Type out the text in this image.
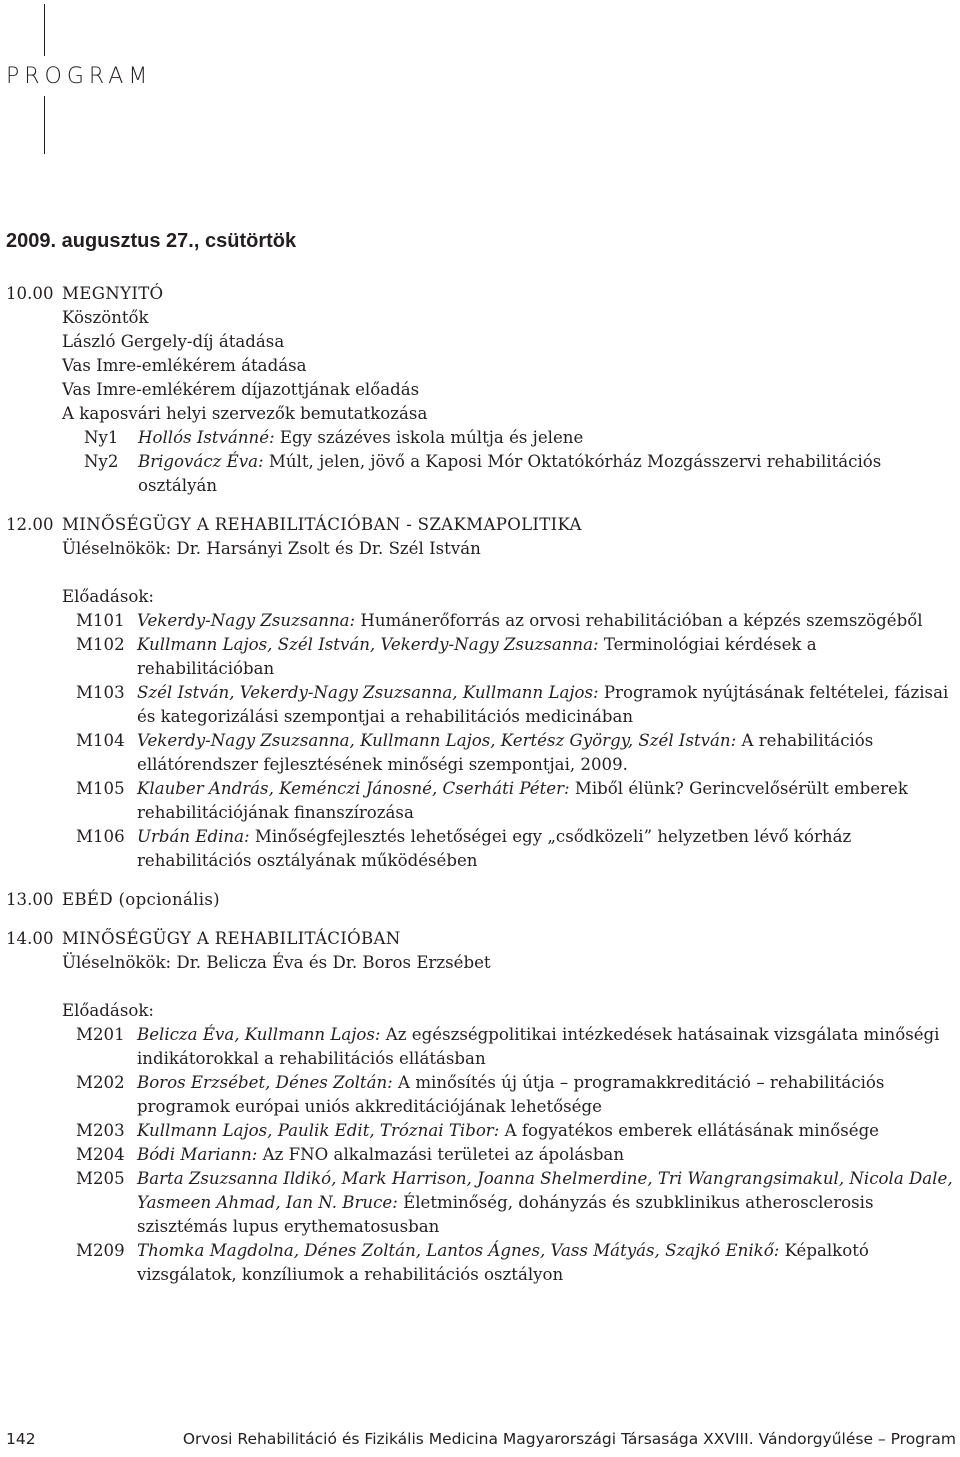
PROGRAM
2009. augusztus 27., csütörtök
10.00 MEGNYITÓ
Köszöntők
László Gergely-díj átadása
Vas Imre-emlékérem átadása
Vas Imre-emlékérem díjazottjának előadás
A kaposvári helyi szervezők bemutatkozása
Ny1	Hollós Istvánné: Egy százéves iskola múltja és jelene
Ny2	Brigovácz Éva: Múlt, jelen, jövő a Kaposi Mór Oktatókórház Mozgásszervi rehabilitációs osztályán
12.00 MINŐSÉGÜGY A REHABILITÁCIÓBAN - SZAKMAPOLITIKA
Üléselnökök: Dr. Harsányi Zsolt és Dr. Szél István
Előadások:
M101 Vekerdy-Nagy Zsuzsanna: Humánerőforrás az orvosi rehabilitációban a képzés szemszögéből
M102 Kullmann Lajos, Szél István, Vekerdy-Nagy Zsuzsanna: Terminológiai kérdések a rehabilitációban
M103 Szél István, Vekerdy-Nagy Zsuzsanna, Kullmann Lajos: Programok nyújtásának feltételei, fázisai és kategorizálási szempontjai a rehabilitációs medicinában
M104 Vekerdy-Nagy Zsuzsanna, Kullmann Lajos, Kertész György, Szél István: A rehabilitációs ellátórendszer fejlesztésének minőségi szempontjai, 2009.
M105 Klauber András, Keménczi Jánosné, Cserháti Péter: Miből élünk? Gerincvelősérült emberek rehabilitációjának finanszírozása
M106 Urbán Edina: Minőségfejlesztés lehetőségei egy „csődközeli” helyzetben lévő kórház rehabilitációs osztályának működésében
13.00 EBÉD (opcionális)
14.00 MINŐSÉGÜGY A REHABILITÁCIÓBAN
Üléselnökök: Dr. Belicza Éva és Dr. Boros Erzsébet
Előadások:
M201 Belicza Éva, Kullmann Lajos: Az egészségpolitikai intézkedések hatásainak vizsgálata minőségi indikátorokkal a rehabilitációs ellátásban
M202 Boros Erzsébet, Dénes Zoltán: A minősítés új útja – programakkreditáció – rehabilitációs programok európai uniós akkreditációjának lehetősége
M203 Kullmann Lajos, Paulik Edit, Tróznai Tibor: A fogyatékos emberek ellátásának minősége
M204 Bódi Mariann: Az FNO alkalmazási területei az ápolásban
M205 Barta Zsuzsanna Ildikó, Mark Harrison, Joanna Shelmerdine, Tri Wangrangsimakul, Nicola Dale, Yasmeen Ahmad, Ian N. Bruce: Életminőség, dohányzás és szubklinikus atherosclerosis szisztémás lupus erythematosusban
M209 Thomka Magdolna, Dénes Zoltán, Lantos Ágnes, Vass Mátyás, Szajkó Enikő: Képalkotó vizsgálatok, konzíliumok a rehabilitációs osztályon
142	Orvosi Rehabilitáció és Fizikális Medicina Magyarországi Társasága XXVIII. Vándorgyűlése – Program
